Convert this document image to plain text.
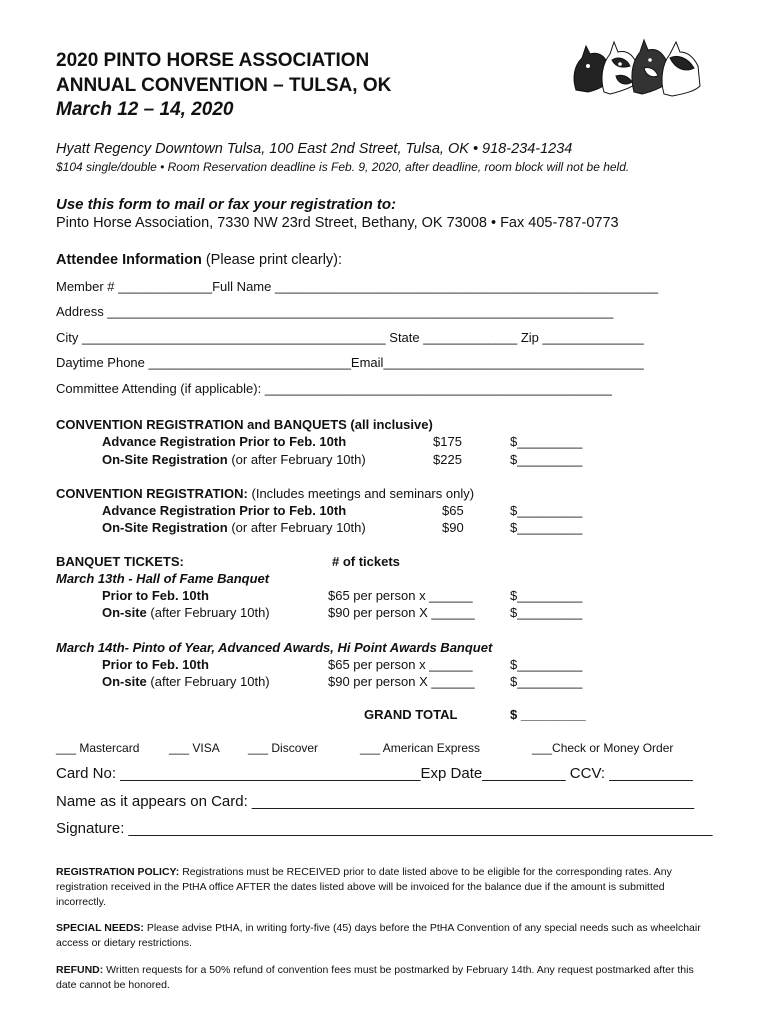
2020 PINTO HORSE ASSOCIATION
ANNUAL CONVENTION – TULSA, OK
March 12 – 14, 2020
Hyatt Regency Downtown Tulsa, 100 East 2nd Street, Tulsa, OK • 918-234-1234
$104 single/double • Room Reservation deadline is Feb. 9, 2020, after deadline, room block will not be held.
Use this form to mail or fax your registration to:
Pinto Horse Association, 7330 NW 23rd Street, Bethany, OK 73008 • Fax 405-787-0773
Attendee Information (Please print clearly):
Member # _____________Full Name _____________________________________________________
Address ______________________________________________________________________
City __________________________________________ State _____________ Zip ______________
Daytime Phone ____________________________Email____________________________________
Committee Attending (if applicable): ________________________________________________
CONVENTION REGISTRATION and BANQUETS (all inclusive)
Advance Registration Prior to Feb. 10th	$175	$_________
On-Site Registration (or after February 10th)	$225	$_________
CONVENTION REGISTRATION: (Includes meetings and seminars only)
Advance Registration Prior to Feb. 10th	$65	$_________
On-Site Registration (or after February 10th)	$90	$_________
BANQUET TICKETS:	# of tickets
March 13th - Hall of Fame Banquet
Prior to Feb. 10th	$65 per person x ______	$_________
On-site (after February 10th)	$90 per person X ______	$_________
March 14th- Pinto of Year, Advanced Awards, Hi Point Awards Banquet
Prior to Feb. 10th	$65 per person x ______	$_________
On-site (after February 10th)	$90 per person X ______	$_________
GRAND TOTAL	$ _________
___ Mastercard ___ VISA ___ Discover	___ American Express	___Check or Money Order
Card No: ____________________________________Exp Date__________ CCV: __________
Name as it appears on Card: _____________________________________________________
Signature: ______________________________________________________________________
REGISTRATION POLICY: Registrations must be RECEIVED prior to date listed above to be eligible for the corresponding rates. Any registration received in the PtHA office AFTER the dates listed above will be invoiced for the balance due if the amount is submitted incorrectly.
SPECIAL NEEDS: Please advise PtHA, in writing forty-five (45) days before the PtHA Convention of any special needs such as wheelchair access or dietary restrictions.
REFUND: Written requests for a 50% refund of convention fees must be postmarked by February 14th. Any request postmarked after this date cannot be honored.
